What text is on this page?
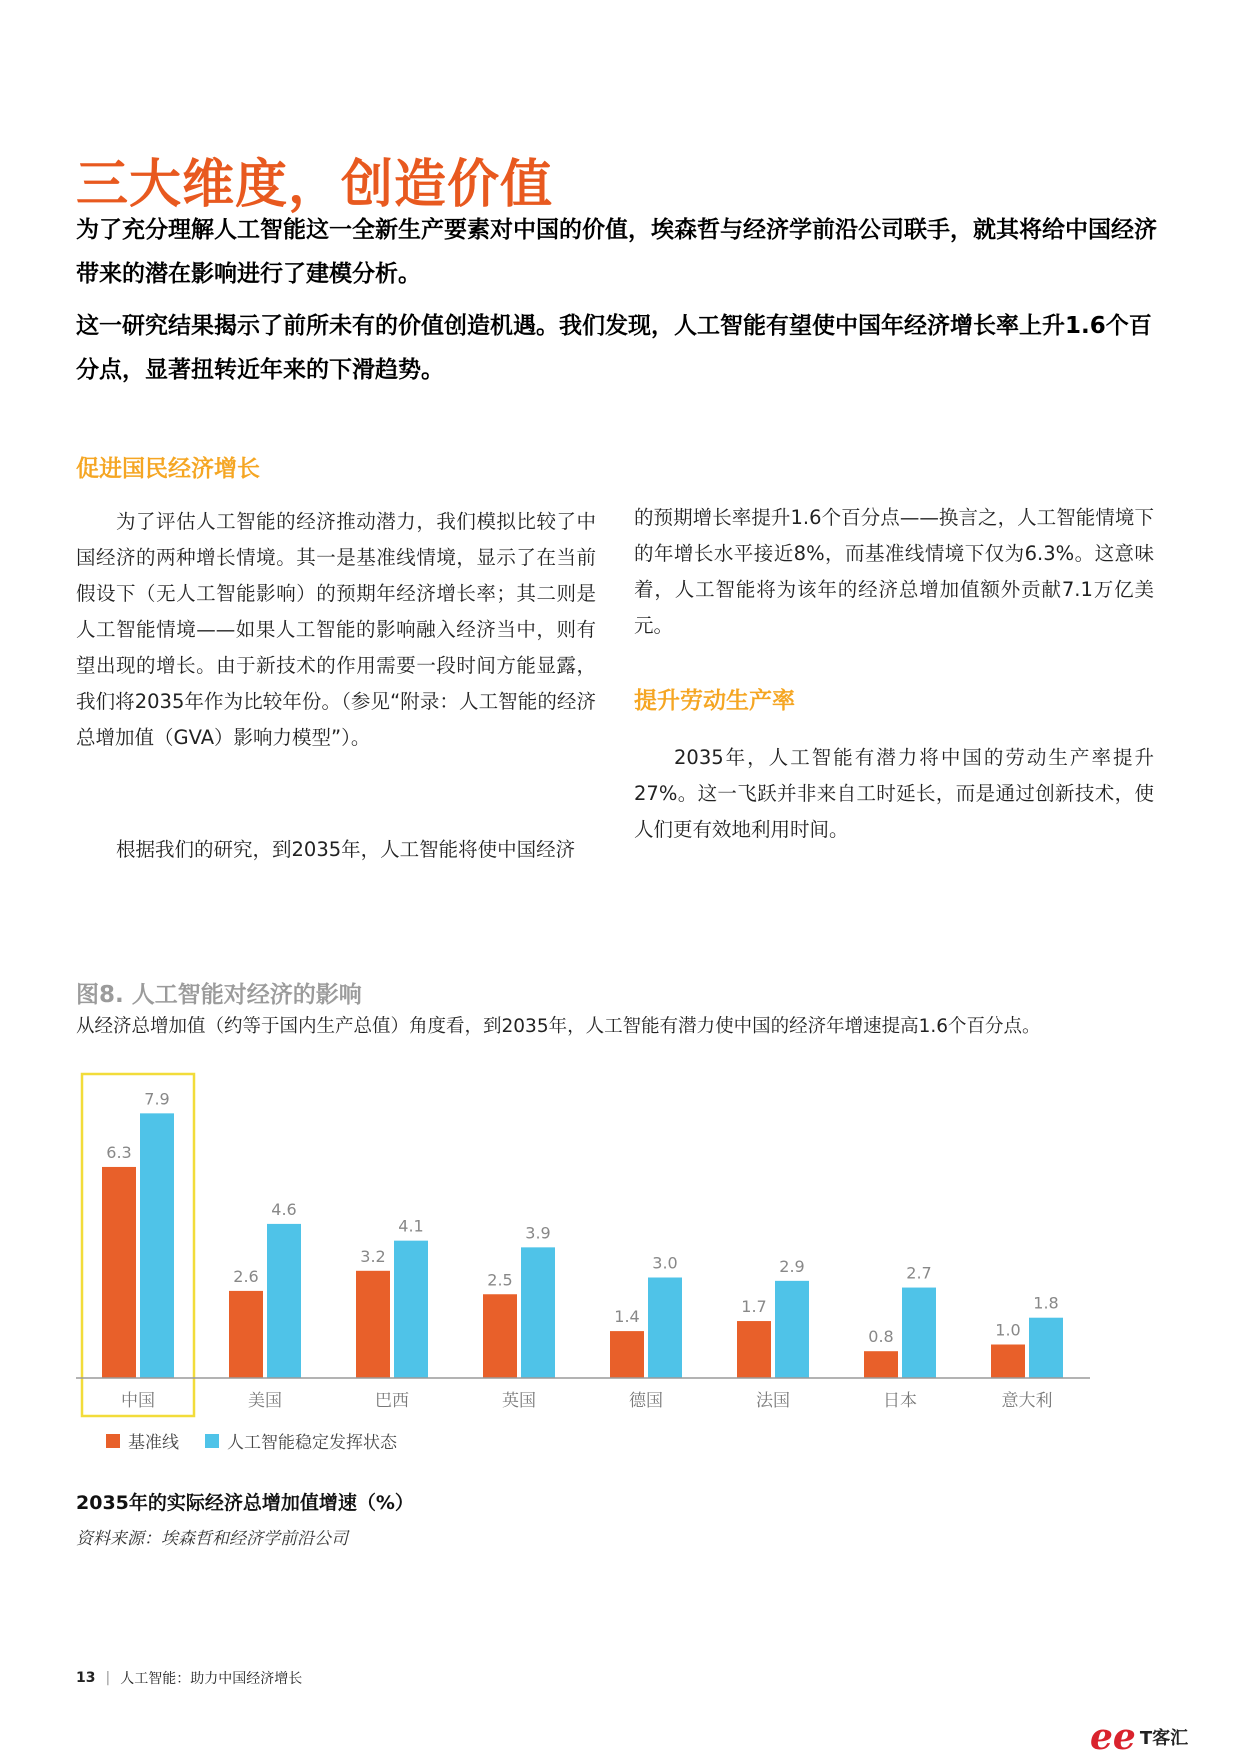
三大维度，创造价值
为了充分理解人工智能这一全新生产要素对中国的价值，埃森哲与经济学前沿公司联手，就其将给中国经济带来的潜在影响进行了建模分析。
这一研究结果揭示了前所未有的价值创造机遇。我们发现，人工智能有望使中国年经济增长率上升1.6个百分点，显著扭转近年来的下滑趋势。
促进国民经济增长
为了评估人工智能的经济推动潜力，我们模拟比较了中国经济的两种增长情境。其一是基准线情境，显示了在当前假设下（无人工智能影响）的预期年经济增长率；其二则是人工智能情境——如果人工智能的影响融入经济当中，则有望出现的增长。由于新技术的作用需要一段时间方能显露，我们将2035年作为比较年份。（参见“附录：人工智能的经济总增加值（GVA）影响力模型”）。
根据我们的研究，到2035年，人工智能将使中国经济
的预期增长率提升1.6个百分点——换言之，人工智能情境下的年增长水平接近8%，而基准线情境下仅为6.3%。这意味着，人工智能将为该年的经济总增加值额外贡献7.1万亿美元。
提升劳动生产率
2035年，人工智能有潜力将中国的劳动生产率提升27%。这一飞跃并非来自工时延长，而是通过创新技术，使人们更有效地利用时间。
图8. 人工智能对经济的影响
从经济总增加值（约等于国内生产总值）角度看，到2035年，人工智能有潜力使中国的经济年增速提高1.6个百分点。
6.3
7.9
中国
2.6
4.6
美国
3.2
4.1
巴西
2.5
3.9
英国
1.4
3.0
德国
1.7
2.9
法国
0.8
2.7
日本
1.0
1.8
意大利
基准线	人工智能稳定发挥状态
2035年的实际经济总增加值增速（%）
资料来源：埃森哲和经济学前沿公司
13 | 人工智能：助力中国经济增长
ee T客汇
